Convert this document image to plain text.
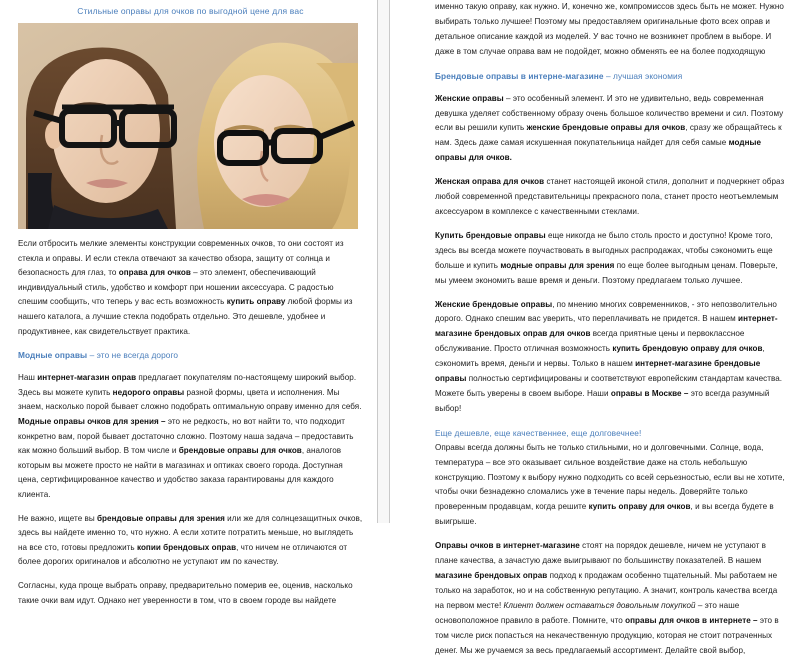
Стильные оправы для очков по выгодной цене для вас

Если отбросить мелкие элементы конструкции современных очков, то они состоят из стекла и оправы. И если стекла отвечают за качество обзора, защиту от солнца и безопасность для глаз, то оправа для очков – это элемент, обеспечивающий индивидуальный стиль, удобство и комфорт при ношении аксессуара. С радостью спешим сообщить, что теперь у вас есть возможность купить оправу любой формы из нашего каталога, а лучшие стекла подобрать отдельно. Это дешевле, удобнее и продуктивнее, как свидетельствует практика.

Модные оправы – это не всегда дорого

Наш интернет-магазин оправ предлагает покупателям по-настоящему широкий выбор. Здесь вы можете купить недорого оправы разной формы, цвета и исполнения. Мы знаем, насколько порой бывает сложно подобрать оптимальную оправу именно для себя. Модные оправы очков для зрения – это не редкость, но вот найти то, что подходит конкретно вам, порой бывает достаточно сложно. Поэтому наша задача – предоставить как можно больший выбор. В том числе и брендовые оправы для очков, аналогов которым вы можете просто не найти в магазинах и оптиках своего города. Доступная цена, сертифицированное качество и удобство заказа гарантированы для каждого клиента.

Не важно, ищете вы брендовые оправы для зрения или же для солнцезащитных очков, здесь вы найдете именно то, что нужно. А если хотите потратить меньше, но выглядеть на все сто, готовы предложить копии брендовых оправ, что ничем не отличаются от более дорогих оригиналов и абсолютно не уступают им по качеству.

Согласны, куда проще выбрать оправу, предварительно померив ее, оценив, насколько такие очки вам идут. Однако нет уверенности в том, что в своем городе вы найдете

именно такую оправу, как нужно. И, конечно же, компромиссов здесь быть не может. Нужно выбирать только лучшее! Поэтому мы предоставляем оригинальные фото всех оправ и детальное описание каждой из моделей. У вас точно не возникнет проблем в выборе. И даже в том случае оправа вам не подойдет, можно обменять ее на более подходящую

Брендовые оправы в интерне-магазине – лучшая экономия

Женские оправы – это особенный элемент. И это не удивительно, ведь современная девушка уделяет собственному образу очень большое количество времени и сил. Поэтому если вы решили купить женские брендовые оправы для очков, сразу же обращайтесь к нам. Здесь даже самая искушенная покупательница найдет для себя самые модные оправы для очков.

Женская оправа для очков станет настоящей иконой стиля, дополнит и подчеркнет образ любой современной представительницы прекрасного пола, станет просто неотъемлемым аксессуаром в комплексе с качественными стеклами.

Купить брендовые оправы еще никогда не было столь просто и доступно! Кроме того, здесь вы всегда можете поучаствовать в выгодных распродажах, чтобы сэкономить еще больше и купить модные оправы для зрения по еще более выгодным ценам. Поверьте, мы умеем экономить ваше время и деньги. Поэтому предлагаем только лучшее.

Женские брендовые оправы, по мнению многих современников, - это непозволительно дорого. Однако спешим вас уверить, что переплачивать не придется. В нашем интернет-магазине брендовых оправ для очков всегда приятные цены и первоклассное обслуживание. Просто отличная возможность купить брендовую оправу для очков, сэкономить время, деньги и нервы. Только в нашем интернет-магазине брендовые оправы полностью сертифицированы и соответствуют европейским стандартам качества. Можете быть уверены в своем выборе. Наши оправы в Москве – это всегда разумный выбор!

Еще дешевле, еще качественнее, еще долговечнее!

Оправы всегда должны быть не только стильными, но и долговечными. Солнце, вода, температура – все это оказывает сильное воздействие даже на столь небольшую конструкцию. Поэтому к выбору нужно подходить со всей серьезностью, если вы не хотите, чтобы очки безнадежно сломались уже в течение пары недель. Доверяйте только проверенным продавцам, когда решите купить оправу для очков, и вы всегда будете в выигрыше.

Оправы очков в интернет-магазине стоят на порядок дешевле, ничем не уступают в плане качества, а зачастую даже выигрывают по большинству показателей. В нашем магазине брендовых оправ подход к продажам особенно тщательный. Мы работаем не только на заработок, но и на собственную репутацию. А значит, контроль качества всегда на первом месте! Клиент должен оставаться довольным покупкой – это наше основоположное правило в работе. Помните, что оправы для очков в интернете – это в том числе риск попасться на некачественную продукцию, которая не стоит потраченных денег. Мы же ручаемся за весь предлагаемый ассортимент. Делайте свой выбор,
